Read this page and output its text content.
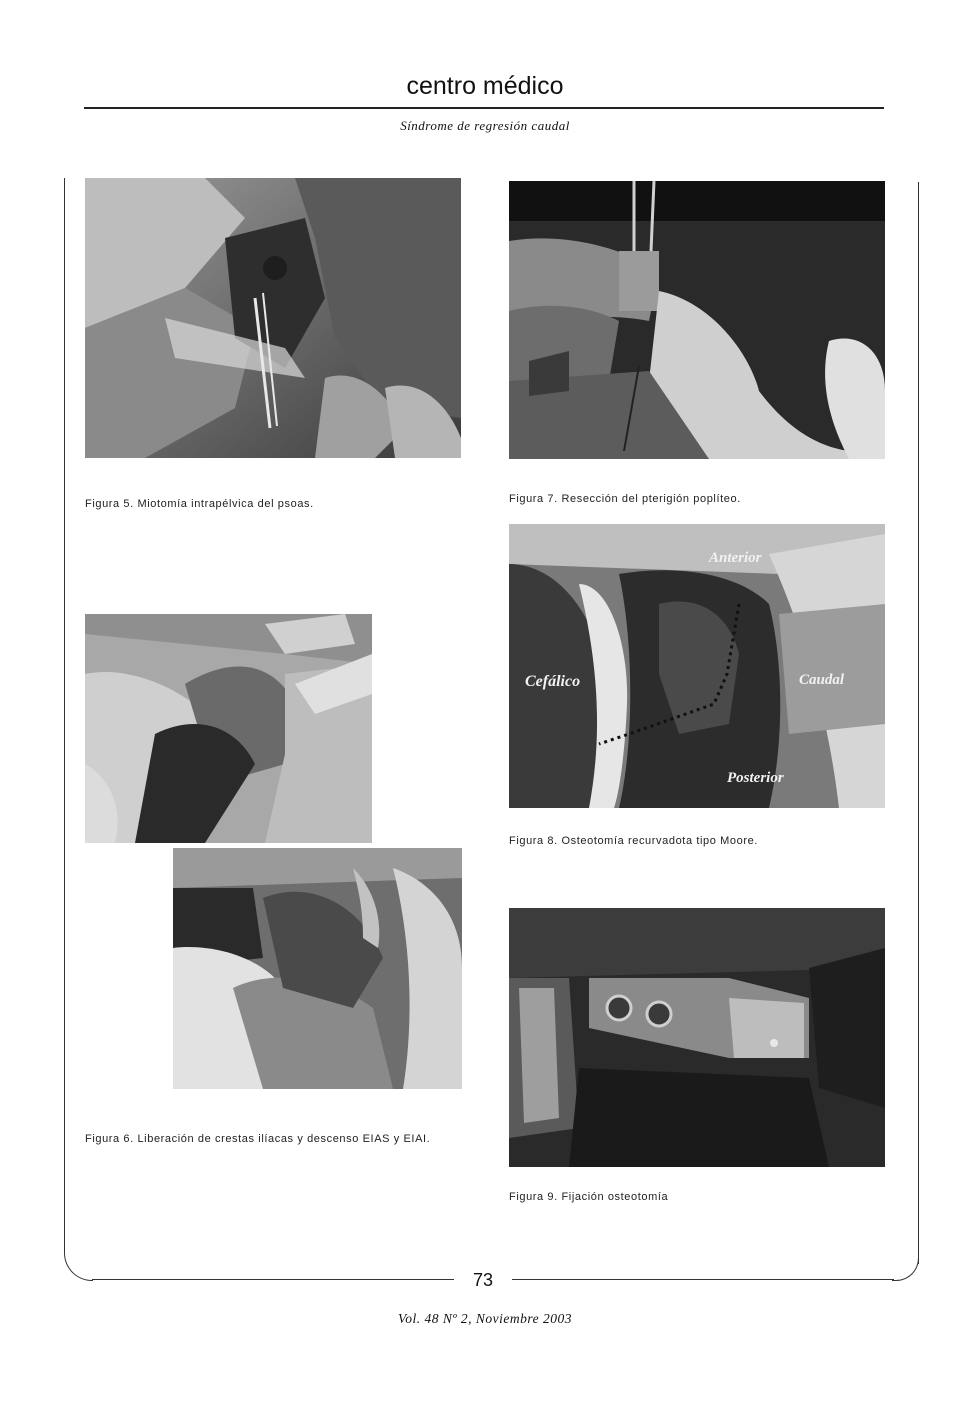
centro médico
Síndrome de regresión caudal
Figura 5. Miotomía intrapélvica del psoas.	Figura 7. Resección del pterigión poplíteo.
Anterior
Cefálico	Caudal
Posterior
Figura 8. Osteotomía recurvadota tipo Moore.
Figura 6. Liberación de crestas ilíacas y descenso EIAS y EIAI.
Figura 9. Fijación osteotomía
73
Vol. 48 Nº 2, Noviembre 2003
